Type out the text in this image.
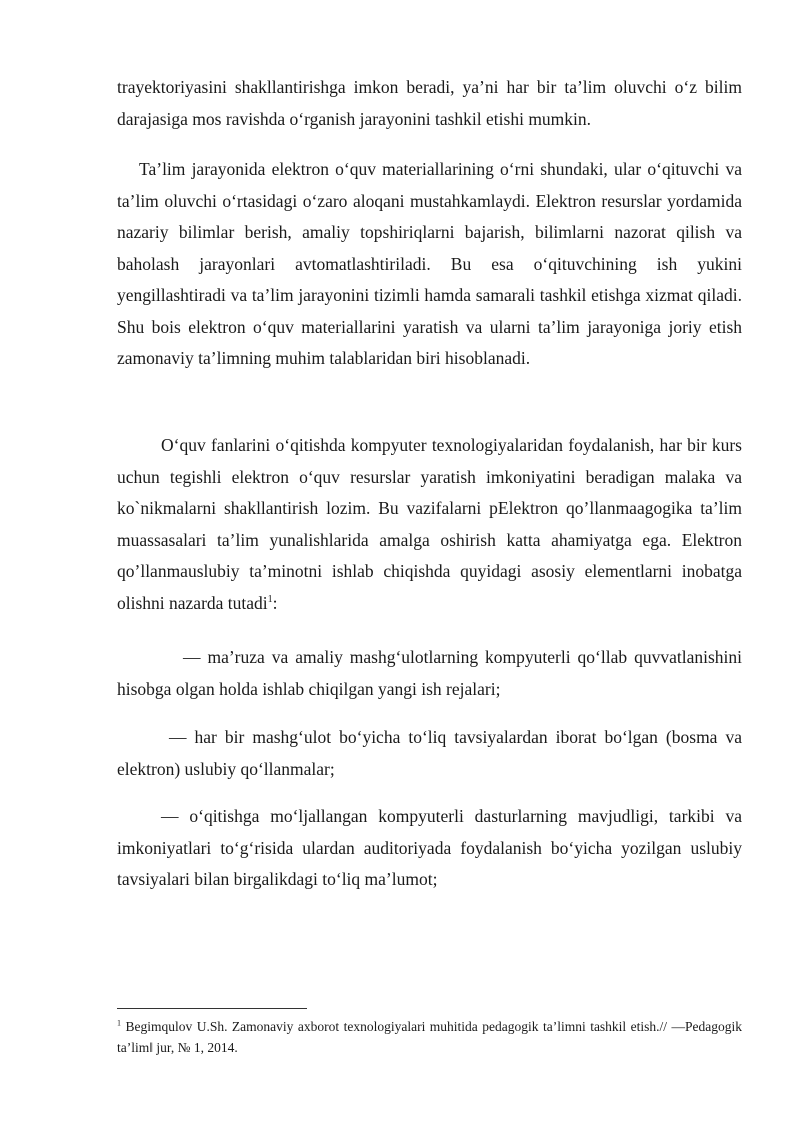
trayektoriyasini shakllantirishga imkon beradi, ya’ni har bir ta’lim oluvchi o‘z bilim darajasiga mos ravishda o‘rganish jarayonini tashkil etishi mumkin.

Ta’lim jarayonida elektron o‘quv materiallarining o‘rni shundaki, ular o‘qituvchi va ta’lim oluvchi o‘rtasidagi o‘zaro aloqani mustahkamlaydi. Elektron resurslar yordamida nazariy bilimlar berish, amaliy topshiriqlarni bajarish, bilimlarni nazorat qilish va baholash jarayonlari avtomatlashtiriladi. Bu esa o‘qituvchining ish yukini yengillashtiradi va ta’lim jarayonini tizimli hamda samarali tashkil etishga xizmat qiladi. Shu bois elektron o‘quv materiallarini yaratish va ularni ta’lim jarayoniga joriy etish zamonaviy ta’limning muhim talablaridan biri hisoblanadi.

O‘quv fanlarini o‘qitishda kompyuter texnologiyalaridan foydalanish, har bir kurs uchun tegishli elektron o‘quv resurslar yaratish imkoniyatini beradigan malaka va ko`nikmalarni shakllantirish lozim. Bu vazifalarni pElektron qo’llanmaagogika ta’lim muassasalari ta’lim yunalishlarida amalga oshirish katta ahamiyatga ega. Elektron qo’llanmauslubiy ta’minotni ishlab chiqishda quyidagi asosiy elementlarni inobatga olishni nazarda tutadi$^1$:

— ma’ruza va amaliy mashg‘ulotlarning kompyuterli qo‘llab quvvatlanishini hisobga olgan holda ishlab chiqilgan yangi ish rejalari;

— har bir mashg‘ulot bo‘yicha to‘liq tavsiyalardan iborat bo‘lgan (bosma va elektron) uslubiy qo‘llanmalar;

— o‘qitishga mo‘ljallangan kompyuterli dasturlarning mavjudligi, tarkibi va imkoniyatlari to‘g‘risida ulardan auditoriyada foydalanish bo‘yicha yozilgan uslubiy tavsiyalari bilan birgalikdagi to‘liq ma’lumot;

$^1$ Begimqulov U.Sh. Zamonaviy axborot texnologiyalari muhitida pedagogik ta’limni tashkil etish.// ―Pedagogik ta’lim‖ jur, № 1, 2014.
